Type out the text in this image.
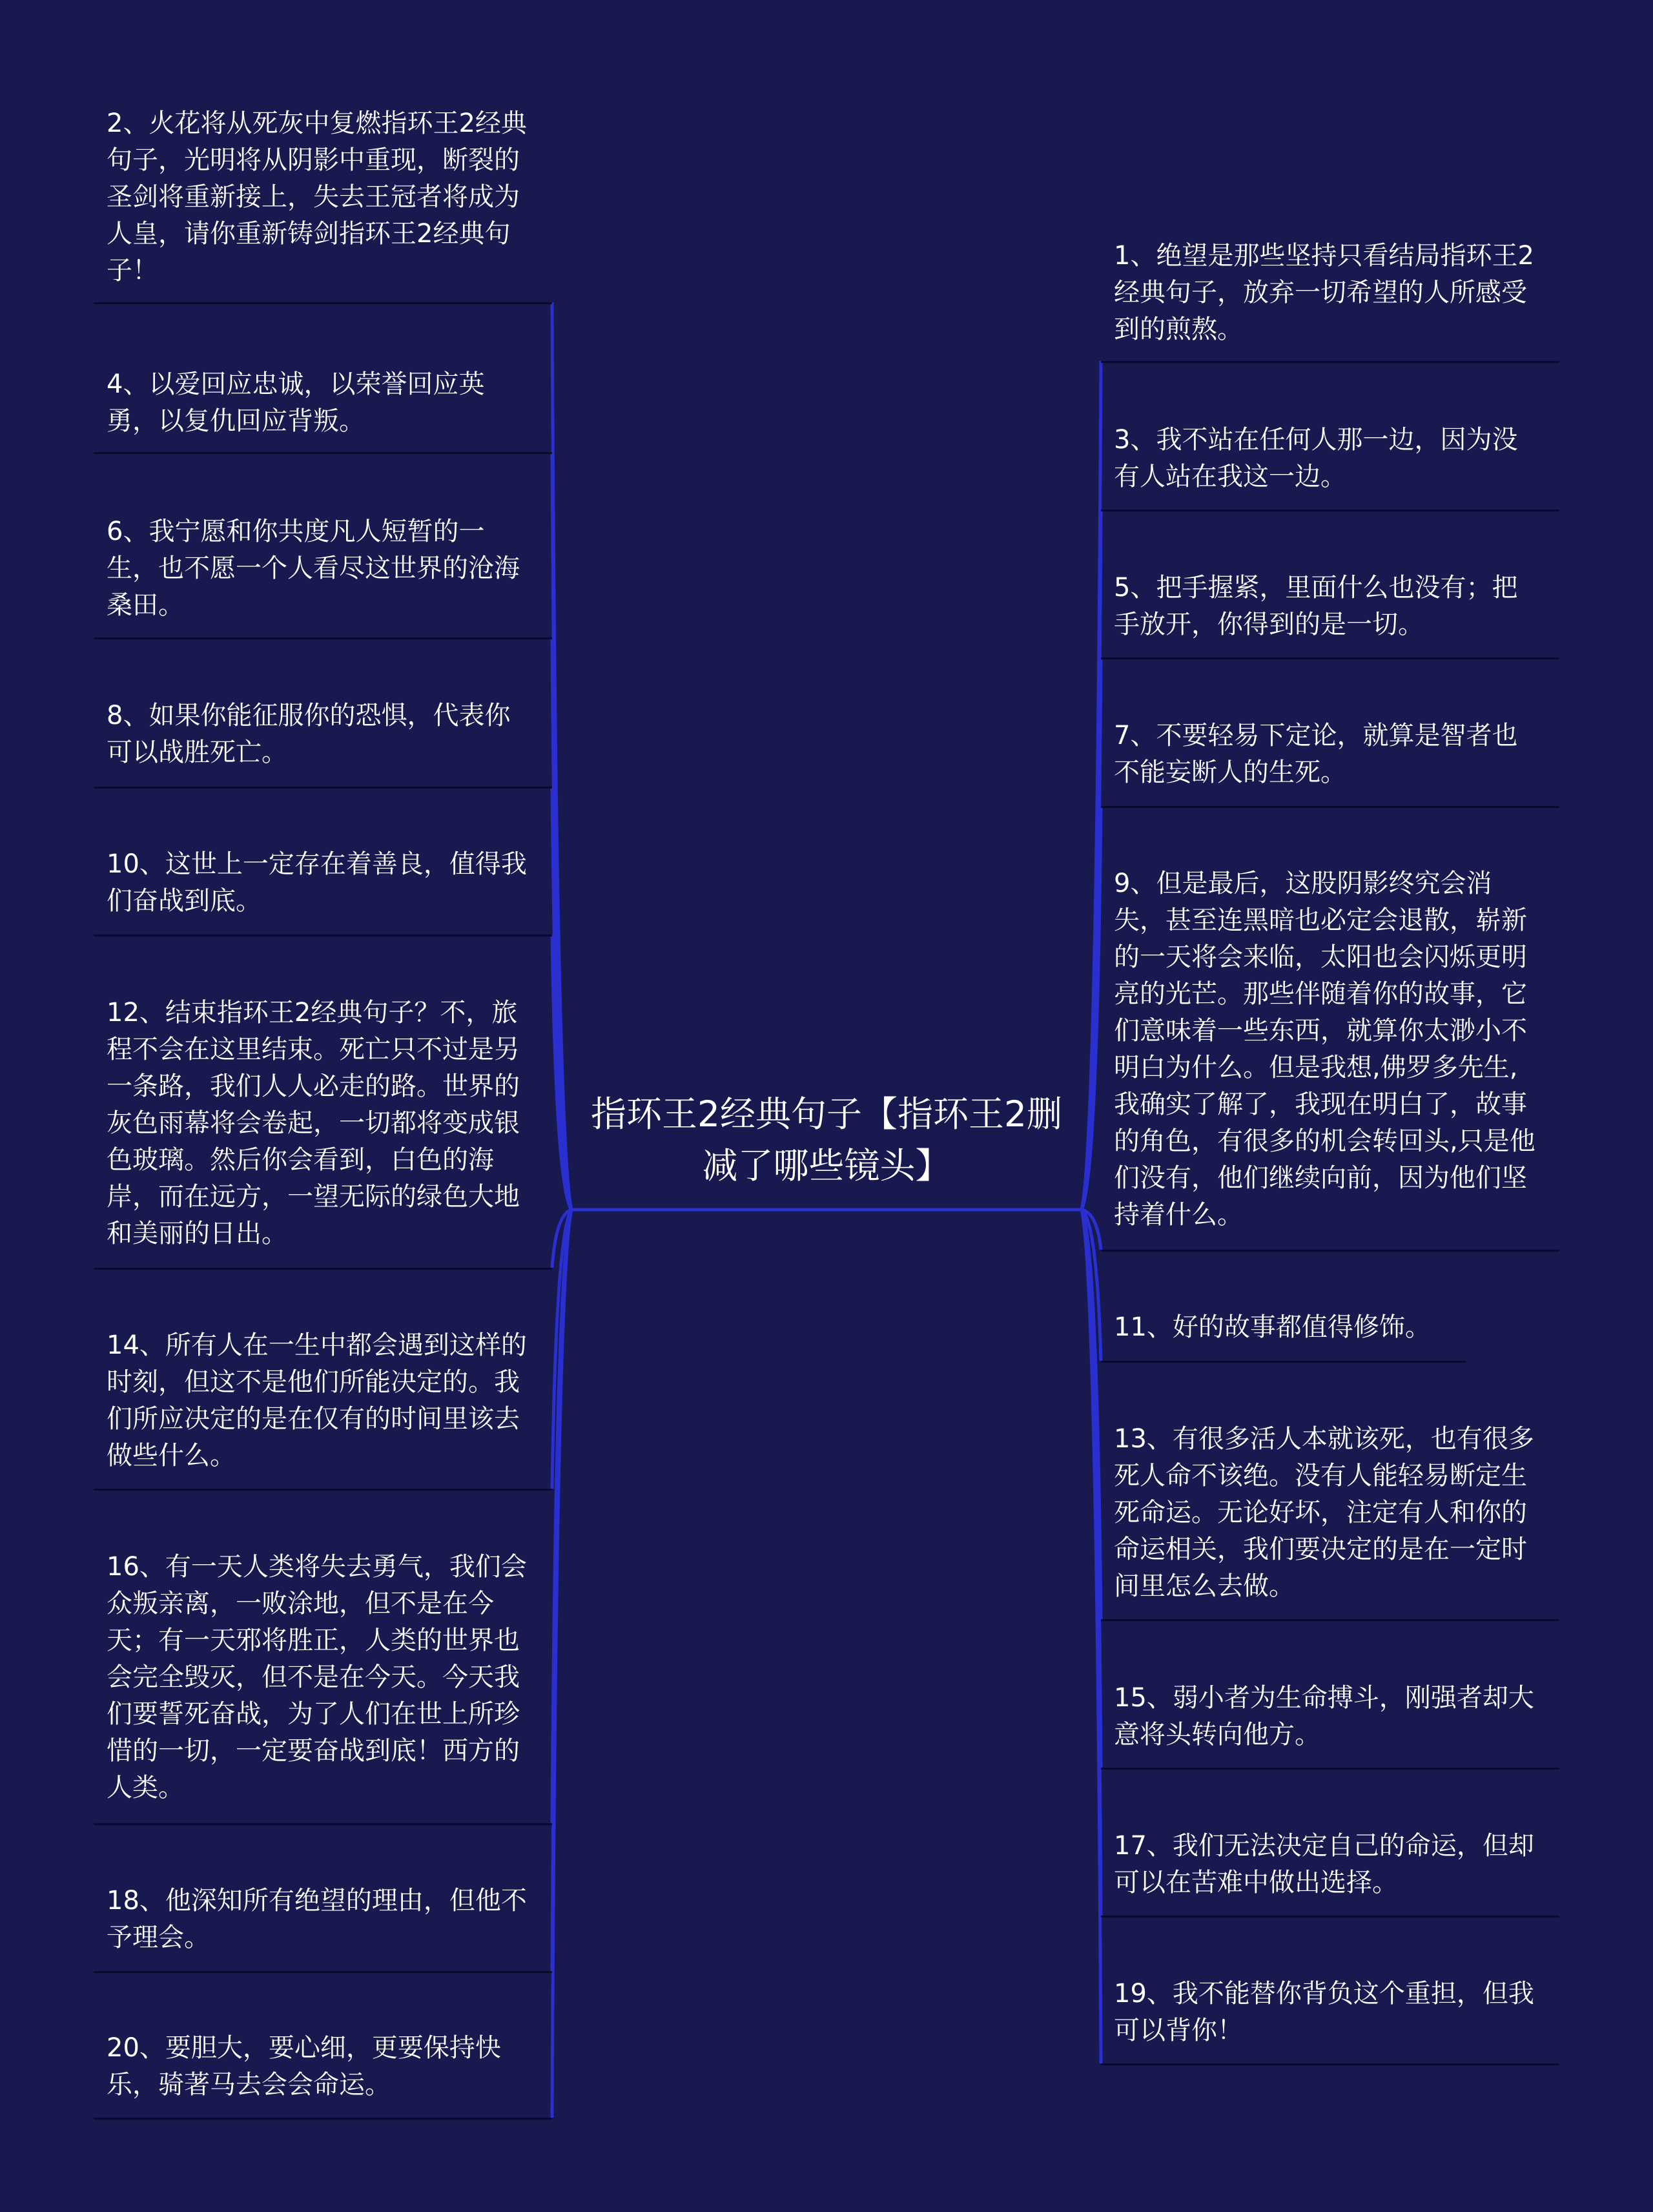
指环王2经典句子【指环王2删减了哪些镜头】
2、火花将从死灰中复燃指环王2经典句子，光明将从阴影中重现，断裂的圣剑将重新接上，失去王冠者将成为人皇，请你重新铸剑指环王2经典句子！
4、以爱回应忠诚，以荣誉回应英勇，以复仇回应背叛。
6、我宁愿和你共度凡人短暂的一生，也不愿一个人看尽这世界的沧海桑田。
8、如果你能征服你的恐惧，代表你可以战胜死亡。
10、这世上一定存在着善良，值得我们奋战到底。
12、结束指环王2经典句子？不，旅程不会在这里结束。死亡只不过是另一条路，我们人人必走的路。世界的灰色雨幕将会卷起，一切都将变成银色玻璃。然后你会看到，白色的海岸，而在远方，一望无际的绿色大地和美丽的日出。
14、所有人在一生中都会遇到这样的时刻，但这不是他们所能决定的。我们所应决定的是在仅有的时间里该去做些什么。
16、有一天人类将失去勇气，我们会众叛亲离，一败涂地，但不是在今天；有一天邪将胜正，人类的世界也会完全毁灭，但不是在今天。今天我们要誓死奋战，为了人们在世上所珍惜的一切，一定要奋战到底！西方的人类。
18、他深知所有绝望的理由，但他不予理会。
20、要胆大，要心细，更要保持快乐，骑著马去会会命运。
1、绝望是那些坚持只看结局指环王2经典句子，放弃一切希望的人所感受到的煎熬。
3、我不站在任何人那一边，因为没有人站在我这一边。
5、把手握紧，里面什么也没有；把手放开，你得到的是一切。
7、不要轻易下定论，就算是智者也不能妄断人的生死。
9、但是最后，这股阴影终究会消失，甚至连黑暗也必定会退散，崭新的一天将会来临，太阳也会闪烁更明亮的光芒。那些伴随着你的故事，它们意味着一些东西，就算你太渺小不明白为什么。但是我想,佛罗多先生,我确实了解了，我现在明白了，故事的角色，有很多的机会转回头,只是他们没有，他们继续向前，因为他们坚持着什么。
11、好的故事都值得修饰。
13、有很多活人本就该死，也有很多死人命不该绝。没有人能轻易断定生死命运。无论好坏，注定有人和你的命运相关，我们要决定的是在一定时间里怎么去做。
15、弱小者为生命搏斗，刚强者却大意将头转向他方。
17、我们无法决定自己的命运，但却可以在苦难中做出选择。
19、我不能替你背负这个重担，但我可以背你！
